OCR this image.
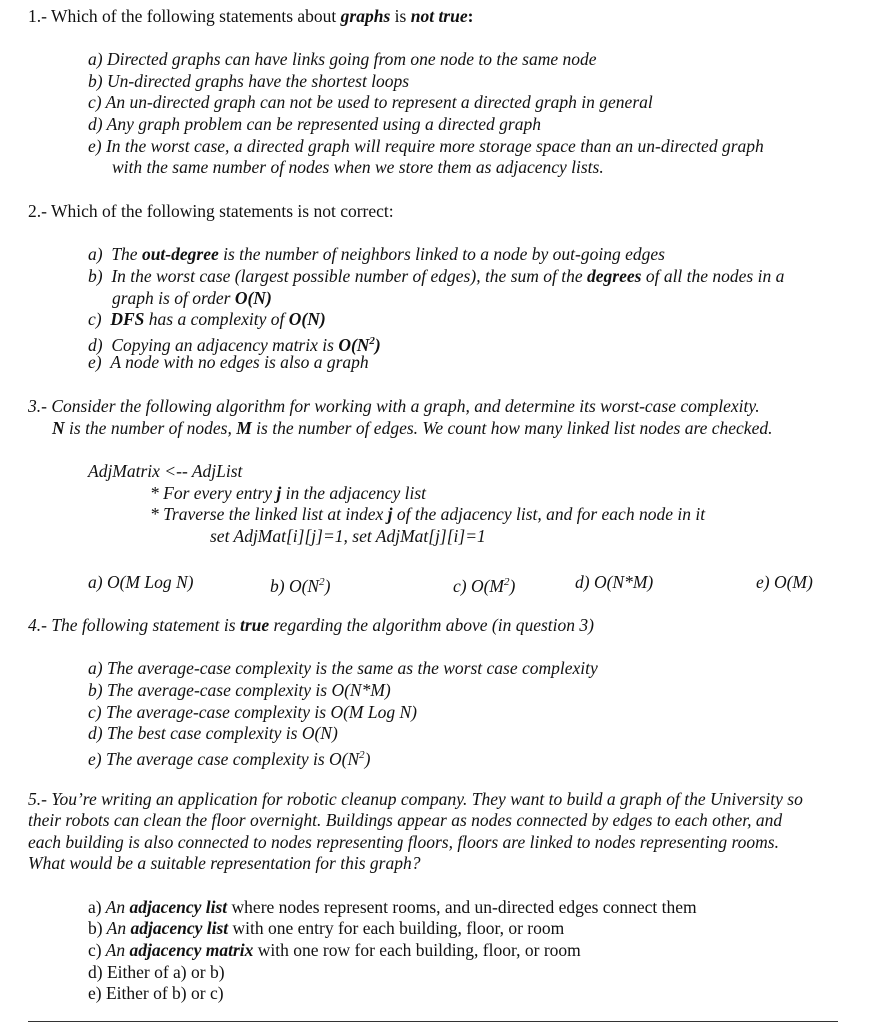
1.- Which of the following statements about graphs is not true:
a) Directed graphs can have links going from one node to the same node
b) Un-directed graphs have the shortest loops
c) An un-directed graph can not be used to represent a directed graph in general
d) Any graph problem can be represented using a directed graph
e) In the worst case, a directed graph will require more storage space than an un-directed graph
with the same number of nodes when we store them as adjacency lists.
2.- Which of the following statements is not correct:
a) The out-degree is the number of neighbors linked to a node by out-going edges
b) In the worst case (largest possible number of edges), the sum of the degrees of all the nodes in a
graph is of order O(N)
c) DFS has a complexity of O(N)
d) Copying an adjacency matrix is $O(N^2)$
e) A node with no edges is also a graph
3.- Consider the following algorithm for working with a graph, and determine its worst-case complexity.
N is the number of nodes, M is the number of edges. We count how many linked list nodes are checked.
AdjMatrix <-- AdjList
* For every entry j in the adjacency list
* Traverse the linked list at index j of the adjacency list, and for each node in it
set AdjMat[i][j]=1, set AdjMat[j][i]=1
a) O(M Log N)	b) $O(N^2)$	c) $O(M^2)$	d) O(N*M)	e) O(M)
4.- The following statement is true regarding the algorithm above (in question 3)
a) The average-case complexity is the same as the worst case complexity
b) The average-case complexity is O(N*M)
c) The average-case complexity is O(M Log N)
d) The best case complexity is O(N)
e) The average case complexity is $O(N^2)$
5.- You’re writing an application for robotic cleanup company. They want to build a graph of the University so
their robots can clean the floor overnight. Buildings appear as nodes connected by edges to each other, and
each building is also connected to nodes representing floors, floors are linked to nodes representing rooms.
What would be a suitable representation for this graph?
a) An adjacency list where nodes represent rooms, and un-directed edges connect them
b) An adjacency list with one entry for each building, floor, or room
c) An adjacency matrix with one row for each building, floor, or room
d) Either of a) or b)
e) Either of b) or c)
